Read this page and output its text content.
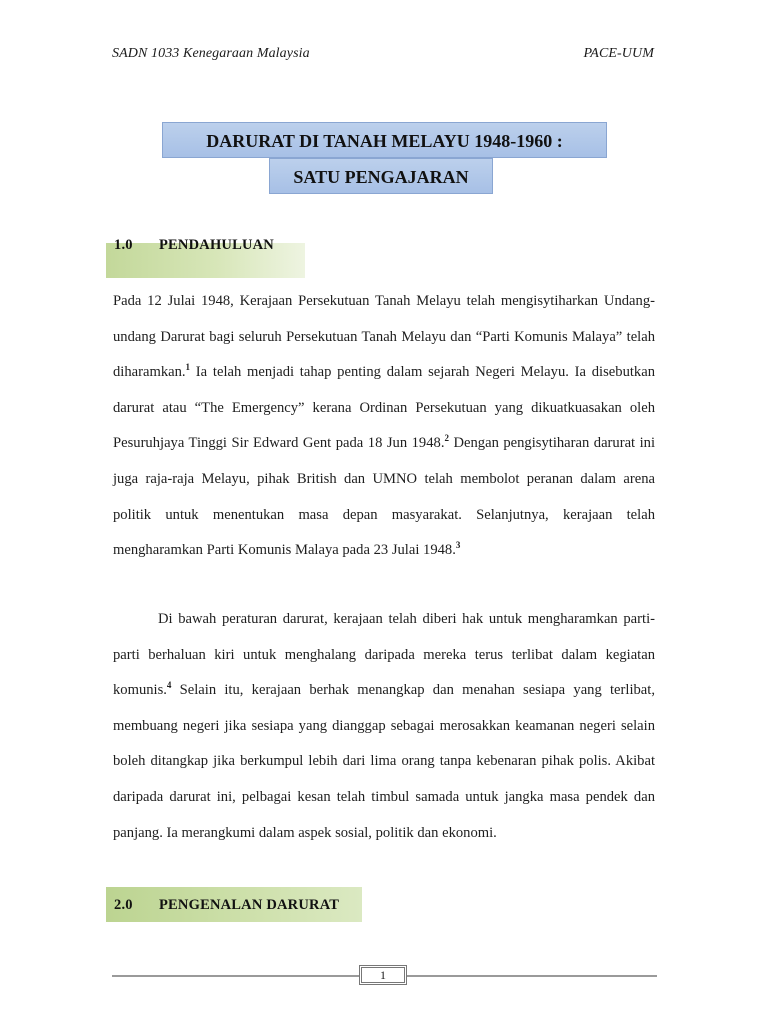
SADN 1033 Kenegaraan Malaysia	PACE-UUM
DARURAT DI TANAH MELAYU 1948-1960 :
SATU PENGAJARAN
1.0 PENDAHULUAN
Pada 12 Julai 1948, Kerajaan Persekutuan Tanah Melayu telah mengisytiharkan Undang-undang Darurat bagi seluruh Persekutuan Tanah Melayu dan “Parti Komunis Malaya” telah diharamkan.$^1$ Ia telah menjadi tahap penting dalam sejarah Negeri Melayu. Ia disebutkan darurat atau “The Emergency” kerana Ordinan Persekutuan yang dikuatkuasakan oleh Pesuruhjaya Tinggi Sir Edward Gent pada 18 Jun 1948.$^2$ Dengan pengisytiharan darurat ini juga raja-raja Melayu, pihak British dan UMNO telah membolot peranan dalam arena politik untuk menentukan masa depan masyarakat. Selanjutnya, kerajaan telah mengharamkan Parti Komunis Malaya pada 23 Julai 1948.$^3$
Di bawah peraturan darurat, kerajaan telah diberi hak untuk mengharamkan parti-parti berhaluan kiri untuk menghalang daripada mereka terus terlibat dalam kegiatan komunis.$^4$ Selain itu, kerajaan berhak menangkap dan menahan sesiapa yang terlibat, membuang negeri jika sesiapa yang dianggap sebagai merosakkan keamanan negeri selain boleh ditangkap jika berkumpul lebih dari lima orang tanpa kebenaran pihak polis. Akibat daripada darurat ini, pelbagai kesan telah timbul samada untuk jangka masa pendek dan panjang. Ia merangkumi dalam aspek sosial, politik dan ekonomi.
2.0 PENGENALAN DARURAT
1
